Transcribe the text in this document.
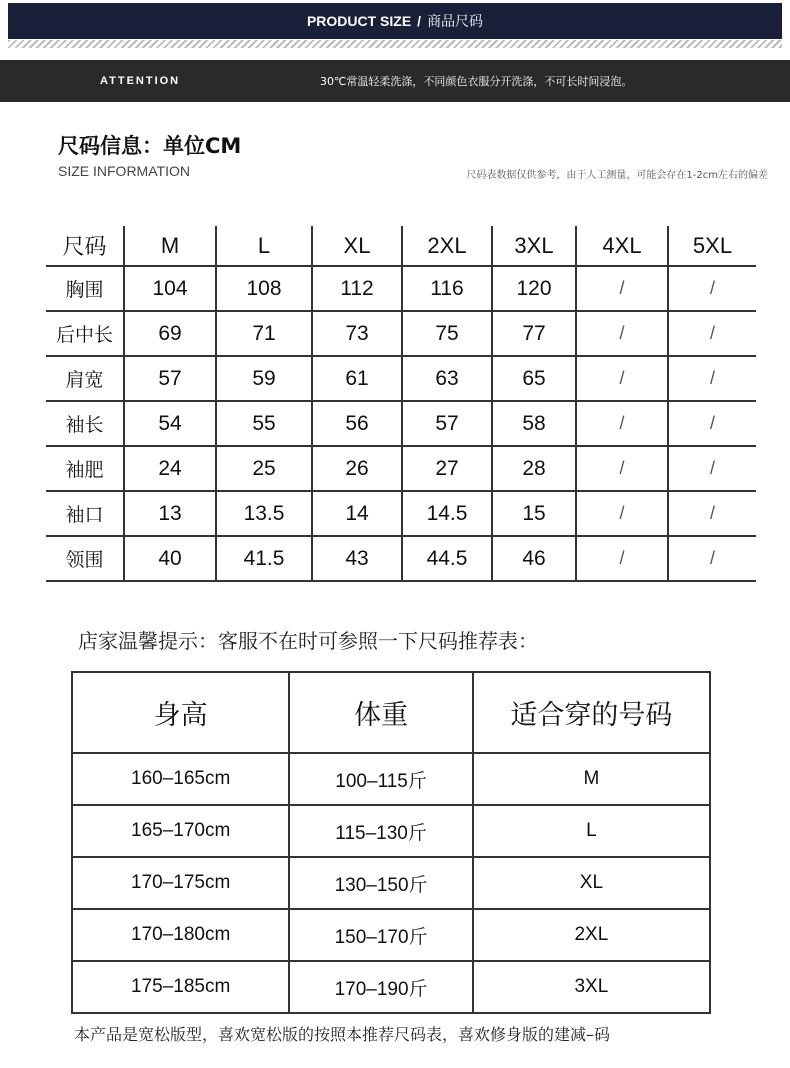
PRODUCT SIZE / 商品尺码
ATTENTION	30℃常温轻柔洗涤，不同颜色衣服分开洗涤，不可长时间浸泡。
尺码信息：单位CM
SIZE INFORMATION	尺码表数据仅供参考，由于人工测量，可能会存在1-2cm左右的偏差
尺码	M	L	XL	2XL	3XL	4XL	5XL
胸围	104	108	112	116	120	/	/
后中长	69	71	73	75	77	/	/
肩宽	57	59	61	63	65	/	/
袖长	54	55	56	57	58	/	/
袖肥	24	25	26	27	28	/	/
袖口	13	13.5	14	14.5	15	/	/
领围	40	41.5	43	44.5	46	/	/
店家温馨提示：客服不在时可参照一下尺码推荐表：
身高	体重	适合穿的号码
160–165cm	100–115斤	M
165–170cm	115–130斤	L
170–175cm	130–150斤	XL
170–180cm	150–170斤	2XL
175–185cm	170–190斤	3XL
本产品是宽松版型，喜欢宽松版的按照本推荐尺码表，喜欢修身版的建减–码
